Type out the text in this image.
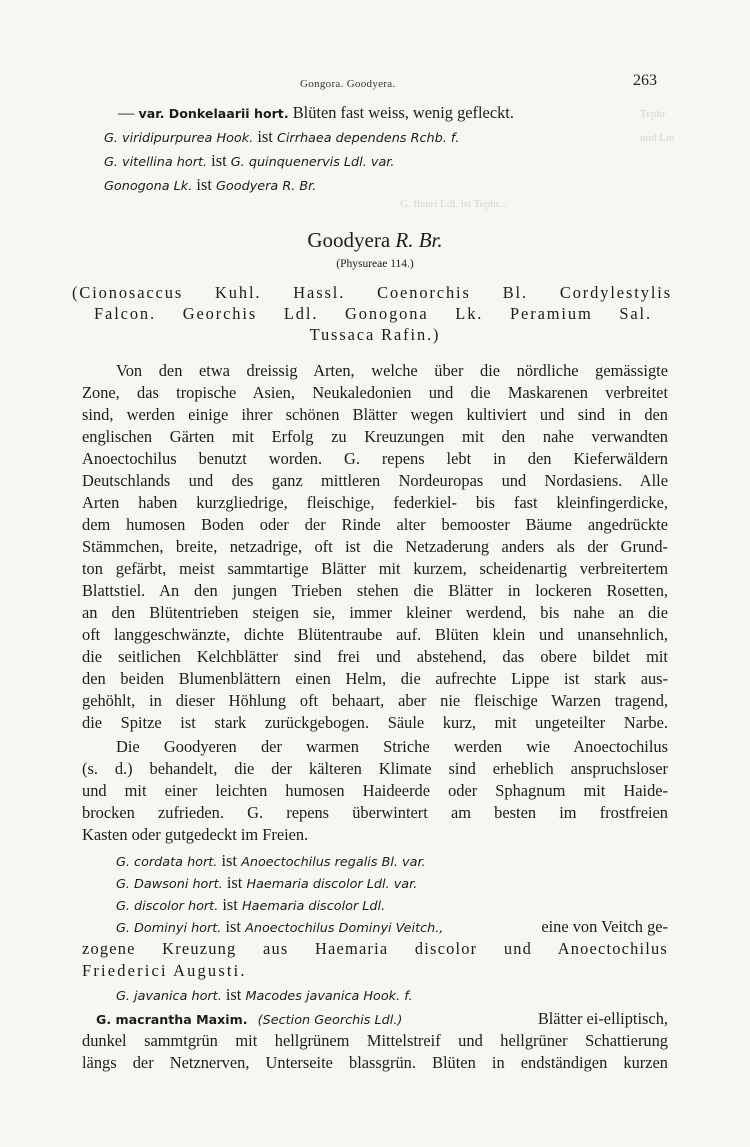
Tephr
und Lin
G. fleuri Ldl. ist Tephr...
Gongora. Goodyera.	263
— var. Donkelaarii hort. Blüten fast weiss, wenig gefleckt.
G. viridipurpurea Hook. ist Cirrhaea dependens Rchb. f.
G. vitellina hort. ist G. quinquenervis Ldl. var.
Gonogona Lk. ist Goodyera R. Br.
Goodyera R. Br.
(Physureae 114.)
(Cionosaccus Kuhl. Hassl. Coenorchis Bl. Cordylestylis
Falcon. Georchis Ldl. Gonogona Lk. Peramium Sal.
Tussaca Rafin.)
Von den etwa dreissig Arten, welche über die nördliche gemässigte
Zone, das tropische Asien, Neukaledonien und die Maskarenen verbreitet
sind, werden einige ihrer schönen Blätter wegen kultiviert und sind in den
englischen Gärten mit Erfolg zu Kreuzungen mit den nahe verwandten
Anoectochilus benutzt worden. G. repens lebt in den Kieferwäldern
Deutschlands und des ganz mittleren Nordeuropas und Nordasiens. Alle
Arten haben kurzgliedrige, fleischige, federkiel- bis fast kleinfingerdicke,
dem humosen Boden oder der Rinde alter bemooster Bäume angedrückte
Stämmchen, breite, netzadrige, oft ist die Netzaderung anders als der Grund-
ton gefärbt, meist sammtartige Blätter mit kurzem, scheidenartig verbreitertem
Blattstiel. An den jungen Trieben stehen die Blätter in lockeren Rosetten,
an den Blütentrieben steigen sie, immer kleiner werdend, bis nahe an die
oft langgeschwänzte, dichte Blütentraube auf. Blüten klein und unansehnlich,
die seitlichen Kelchblätter sind frei und abstehend, das obere bildet mit
den beiden Blumenblättern einen Helm, die aufrechte Lippe ist stark aus-
gehöhlt, in dieser Höhlung oft behaart, aber nie fleischige Warzen tragend,
die Spitze ist stark zurückgebogen. Säule kurz, mit ungeteilter Narbe.
Die Goodyeren der warmen Striche werden wie Anoectochilus
(s. d.) behandelt, die der kälteren Klimate sind erheblich anspruchsloser
und mit einer leichten humosen Haideerde oder Sphagnum mit Haide-
brocken zufrieden. G. repens überwintert am besten im frostfreien
Kasten oder gutgedeckt im Freien.
G. cordata hort. ist Anoectochilus regalis Bl. var.
G. Dawsoni hort. ist Haemaria discolor Ldl. var.
G. discolor hort. ist Haemaria discolor Ldl.
G. Dominyi hort. ist Anoectochilus Dominyi Veitch.,	eine von Veitch ge-
zogene Kreuzung aus Haemaria discolor und Anoectochilus
Friederici Augusti.
G. javanica hort. ist Macodes javanica Hook. f.
G. macrantha Maxim. (Section Georchis Ldl.)	Blätter ei-elliptisch,
dunkel sammtgrün mit hellgrünem Mittelstreif und hellgrüner Schattierung
längs der Netznerven, Unterseite blassgrün. Blüten in endständigen kurzen
